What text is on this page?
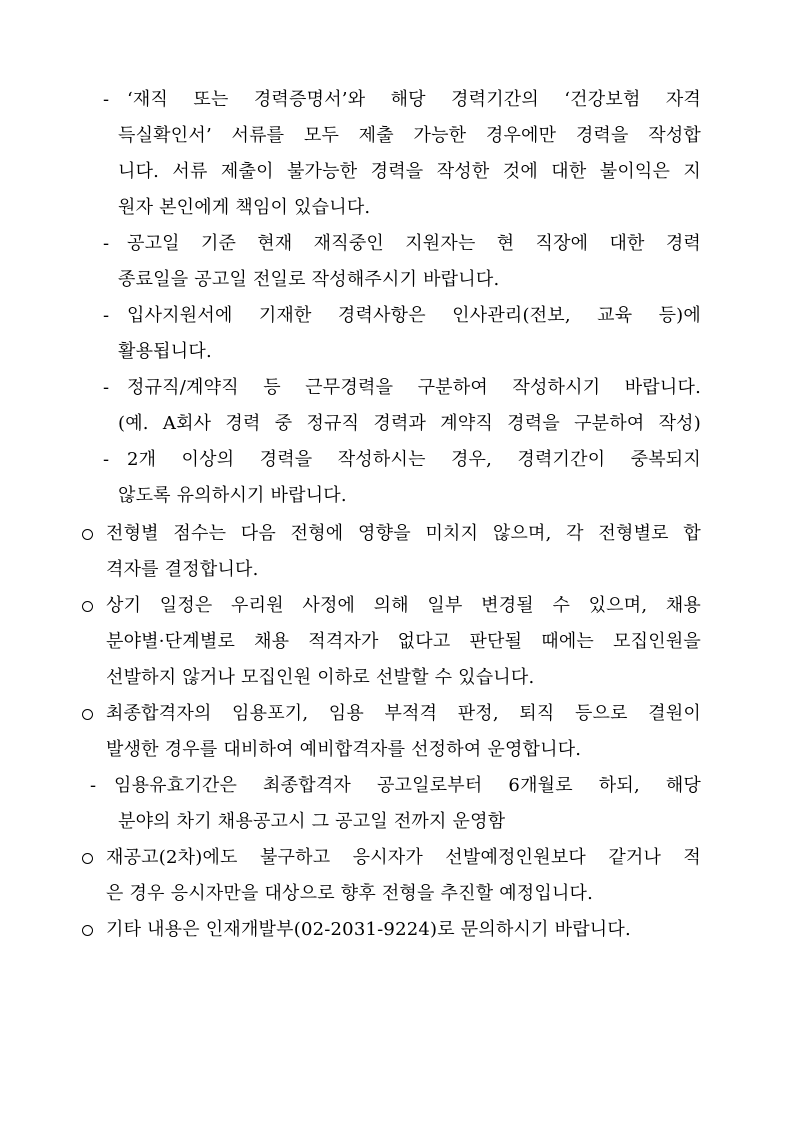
- ‘재직 또는 경력증명서’와 해당 경력기간의 ‘건강보험 자격
득실확인서’ 서류를 모두 제출 가능한 경우에만 경력을 작성합
니다. 서류 제출이 불가능한 경력을 작성한 것에 대한 불이익은 지
원자 본인에게 책임이 있습니다.
- 공고일 기준 현재 재직중인 지원자는 현 직장에 대한 경력
종료일을 공고일 전일로 작성해주시기 바랍니다.
- 입사지원서에 기재한 경력사항은 인사관리(전보, 교육 등)에
활용됩니다.
- 정규직/계약직 등 근무경력을 구분하여 작성하시기 바랍니다.
(예. A회사 경력 중 정규직 경력과 계약직 경력을 구분하여 작성)
- 2개 이상의 경력을 작성하시는 경우, 경력기간이 중복되지
않도록 유의하시기 바랍니다.
전형별 점수는 다음 전형에 영향을 미치지 않으며, 각 전형별로 합
격자를 결정합니다.
상기 일정은 우리원 사정에 의해 일부 변경될 수 있으며, 채용
분야별·단계별로 채용 적격자가 없다고 판단될 때에는 모집인원을
선발하지 않거나 모집인원 이하로 선발할 수 있습니다.
최종합격자의 임용포기, 임용 부적격 판정, 퇴직 등으로 결원이
발생한 경우를 대비하여 예비합격자를 선정하여 운영합니다.
- 임용유효기간은 최종합격자 공고일로부터 6개월로 하되, 해당
분야의 차기 채용공고시 그 공고일 전까지 운영함
재공고(2차)에도 불구하고 응시자가 선발예정인원보다 같거나 적
은 경우 응시자만을 대상으로 향후 전형을 추진할 예정입니다.
기타 내용은 인재개발부(02-2031-9224)로 문의하시기 바랍니다.
